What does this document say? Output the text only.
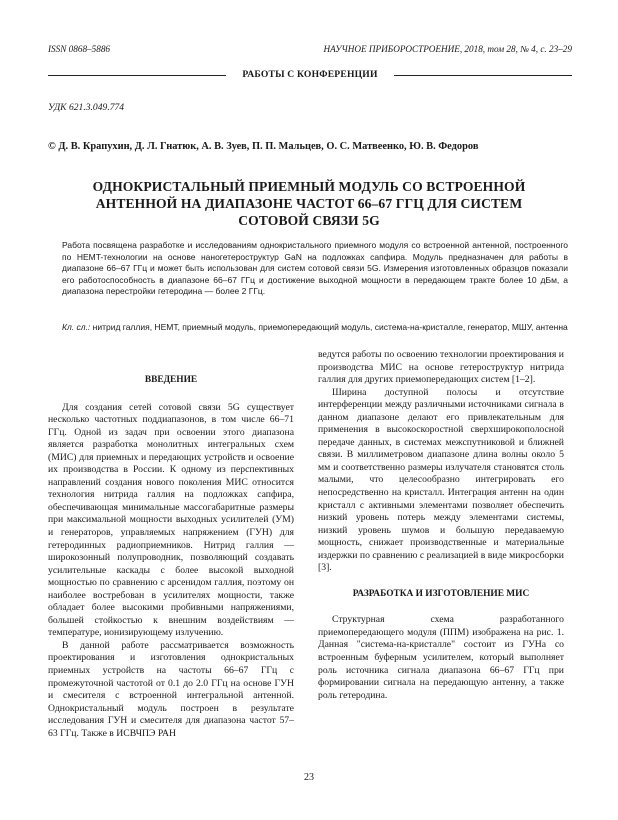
ISSN 0868–5886	НАУЧНОЕ ПРИБОРОСТРОЕНИЕ, 2018, том 28, № 4, с. 23–29
РАБОТЫ С КОНФЕРЕНЦИИ
УДК 621.3.049.774
© Д. В. Крапухин, Д. Л. Гнатюк, А. В. Зуев, П. П. Мальцев, О. С. Матвеенко, Ю. В. Федоров
ОДНОКРИСТАЛЬНЫЙ ПРИЕМНЫЙ МОДУЛЬ СО ВСТРОЕННОЙ АНТЕННОЙ НА ДИАПАЗОНЕ ЧАСТОТ 66–67 ГГЦ ДЛЯ СИСТЕМ СОТОВОЙ СВЯЗИ 5G
Работа посвящена разработке и исследованиям однокристального приемного модуля со встроенной антенной, построенного по HEMT-технологии на основе наногетероструктур GaN на подложках сапфира. Модуль предназначен для работы в диапазоне 66–67 ГГц и может быть использован для систем сотовой связи 5G. Измерения изготовленных образцов показали его работоспособность в диапазоне 66–67 ГГц и достижение выходной мощности в передающем тракте более 10 дБм, а диапазона перестройки гетеродина — более 2 ГГц.
Кл. сл.: нитрид галлия, HEMT, приемный модуль, приемопередающий модуль, система-на-кристалле, генератор, МШУ, антенна
ВВЕДЕНИЕ

Для создания сетей сотовой связи 5G существует несколько частотных поддиапазонов, в том числе 66–71 ГГц. Одной из задач при освоении этого диапазона является разработка монолитных интегральных схем (МИС) для приемных и передающих устройств и освоение их производства в России. К одному из перспективных направлений создания нового поколения МИС относится технология нитрида галлия на подложках сапфира, обеспечивающая минимальные массогабаритные размеры при максимальной мощности выходных усилителей (УМ) и генераторов, управляемых напряжением (ГУН) для гетеродинных радиоприемников. Нитрид галлия — широкозонный полупроводник, позволяющий создавать усилительные каскады с более высокой выходной мощностью по сравнению с арсенидом галлия, поэтому он наиболее востребован в усилителях мощности, также обладает более высокими пробивными напряжениями, большей стойкостью к внешним воздействиям — температуре, ионизирующему излучению.

В данной работе рассматривается возможность проектирования и изготовления однокристальных приемных устройств на частоты 66–67 ГГц с промежуточной частотой от 0.1 до 2.0 ГГц на основе ГУН и смесителя с встроенной интегральной антенной. Однокристальный модуль построен в результате исследования ГУН и смесителя для диапазона частот 57–63 ГГц. Также в ИСВЧПЭ РАН

ведутся работы по освоению технологии проектирования и производства МИС на основе гетероструктур нитрида галлия для других приемопередающих систем [1–2].

Ширина доступной полосы и отсутствие интерференции между различными источниками сигнала в данном диапазоне делают его привлекательным для применения в высокоскоростной сверхширокополосной передаче данных, в системах межспутниковой и ближней связи. В миллиметровом диапазоне длина волны около 5 мм и соответственно размеры излучателя становятся столь малыми, что целесообразно интегрировать его непосредственно на кристалл. Интеграция антенн на один кристалл с активными элементами позволяет обеспечить низкий уровень потерь между элементами системы, низкий уровень шумов и большую передаваемую мощность, снижает производственные и материальные издержки по сравнению с реализацией в виде микросборки [3].

РАЗРАБОТКА И ИЗГОТОВЛЕНИЕ МИС

Структурная схема разработанного приемопередающего модуля (ППМ) изображена на рис. 1. Данная "система-на-кристалле" состоит из ГУНа со встроенным буферным усилителем, который выполняет роль источника сигнала диапазона 66–67 ГГц при формировании сигнала на передающую антенну, а также роль гетеродина.

23
